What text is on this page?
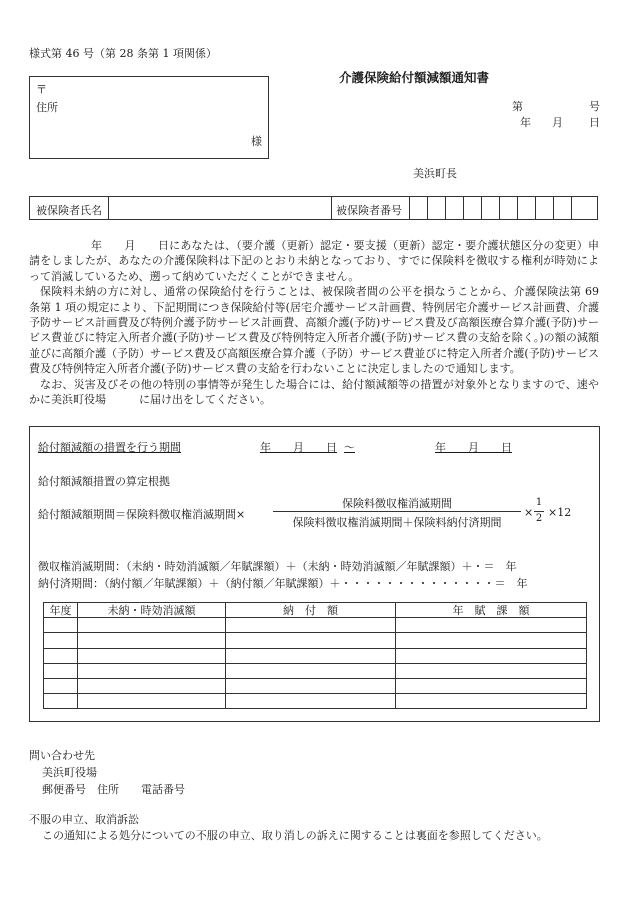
様式第 46 号（第 28 条第 1 項関係）
介護保険給付額減額通知書
〒
住所
様
第	号
年 月 日
美浜町長
被保険者氏名	被保険者番号

年　　月　　日にあなたは、（要介護（更新）認定・要支援（更新）認定・要介護状態区分の変更）申請をしましたが、あなたの介護保険料は下記のとおり未納となっており、すでに保険料を徴収する権利が時効によって消滅しているため、遡って納めていただくことができません。

保険料未納の方に対し、通常の保険給付を行うことは、被保険者間の公平を損なうことから、介護保険法第 69 条第 1 項の規定により、下記期間につき保険給付等(居宅介護サービス計画費、特例居宅介護サービス計画費、介護予防サービス計画費及び特例介護予防サービス計画費、高額介護(予防)サービス費及び高額医療合算介護(予防)サービス費並びに特定入所者介護(予防)サービス費及び特例特定入所者介護(予防)サービス費の支給を除く。)の額の減額並びに高額介護（予防）サービス費及び高額医療合算介護（予防）サービス費並びに特定入所者介護(予防)サービス費及び特例特定入所者介護(予防)サービス費の支給を行わないことに決定しましたので通知します。

なお、災害及びその他の特別の事情等が発生した場合には、給付額減額等の措置が対象外となりますので、速やかに美浜町役場　　　に届け出をしてください。

給付額減額の措置を行う期間	年　　月　　日 ～	年　　月　　日
給付額減額措置の算定根拠
給付額減額期間＝保険料徴収権消滅期間×
保険料徴収権消滅期間
保険料徴収権消滅期間＋保険料納付済期間
×
1
2 ×12
徴収権消滅期間：（未納・時効消滅額／年賦課額）＋（未納・時効消滅額／年賦課額）＋・＝　年
納付済期間：（納付額／年賦課額）＋（納付額／年賦課額）＋・・・・・・・・・・・・・・＝　年
年度	未納・時効消滅額	納　付　額	年　賦　課　額

問い合わせ先
美浜町役場
郵便番号　住所　　電話番号
不服の申立、取消訴訟
この通知による処分についての不服の申立、取り消しの訴えに関することは裏面を参照してください。
